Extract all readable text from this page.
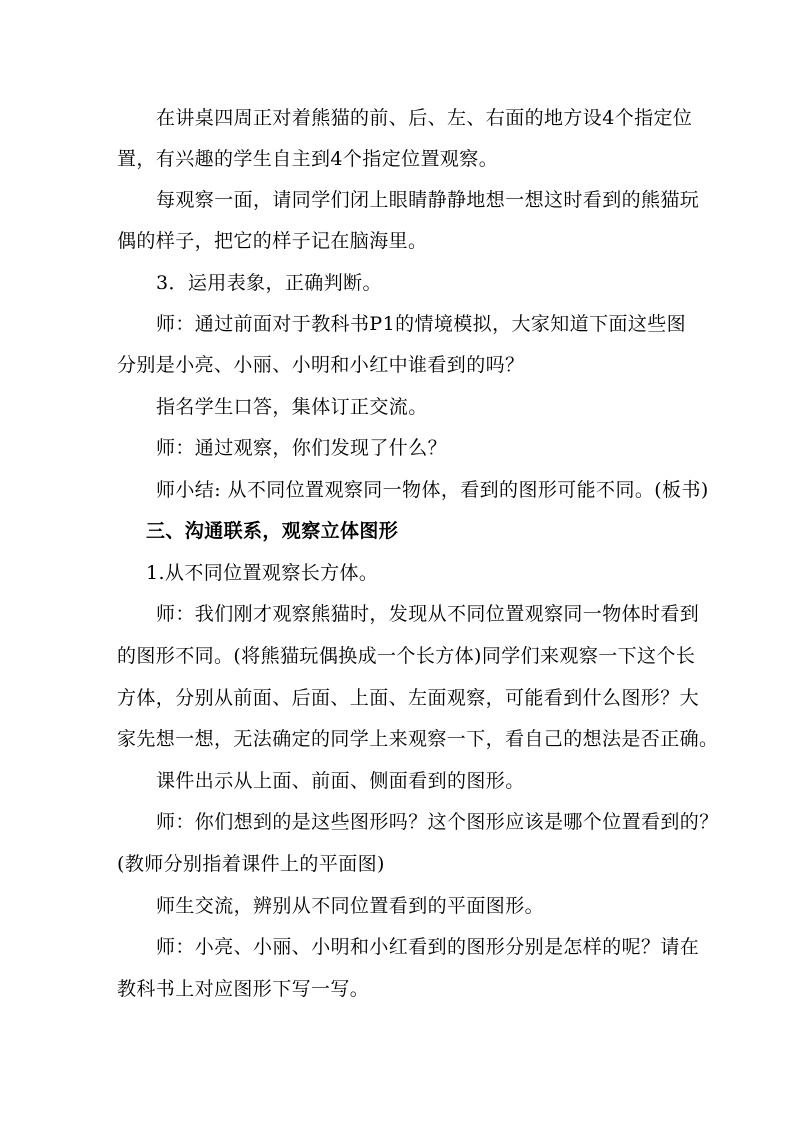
在讲桌四周正对着熊猫的前、后、左、右面的地方设4个指定位
置，有兴趣的学生自主到4个指定位置观察。
每观察一面，请同学们闭上眼睛静静地想一想这时看到的熊猫玩
偶的样子，把它的样子记在脑海里。
3．运用表象，正确判断。
师：通过前面对于教科书P1的情境模拟，大家知道下面这些图
分别是小亮、小丽、小明和小红中谁看到的吗？
指名学生口答，集体订正交流。
师：通过观察，你们发现了什么？
师小结: 从不同位置观察同一物体，看到的图形可能不同。(板书)
三、沟通联系，观察立体图形
1.从不同位置观察长方体。
师：我们刚才观察熊猫时，发现从不同位置观察同一物体时看到
的图形不同。(将熊猫玩偶换成一个长方体)同学们来观察一下这个长
方体，分别从前面、后面、上面、左面观察，可能看到什么图形？大
家先想一想，无法确定的同学上来观察一下，看自己的想法是否正确。
课件出示从上面、前面、侧面看到的图形。
师：你们想到的是这些图形吗？这个图形应该是哪个位置看到的？
(教师分别指着课件上的平面图)
师生交流，辨别从不同位置看到的平面图形。
师：小亮、小丽、小明和小红看到的图形分别是怎样的呢？请在
教科书上对应图形下写一写。
